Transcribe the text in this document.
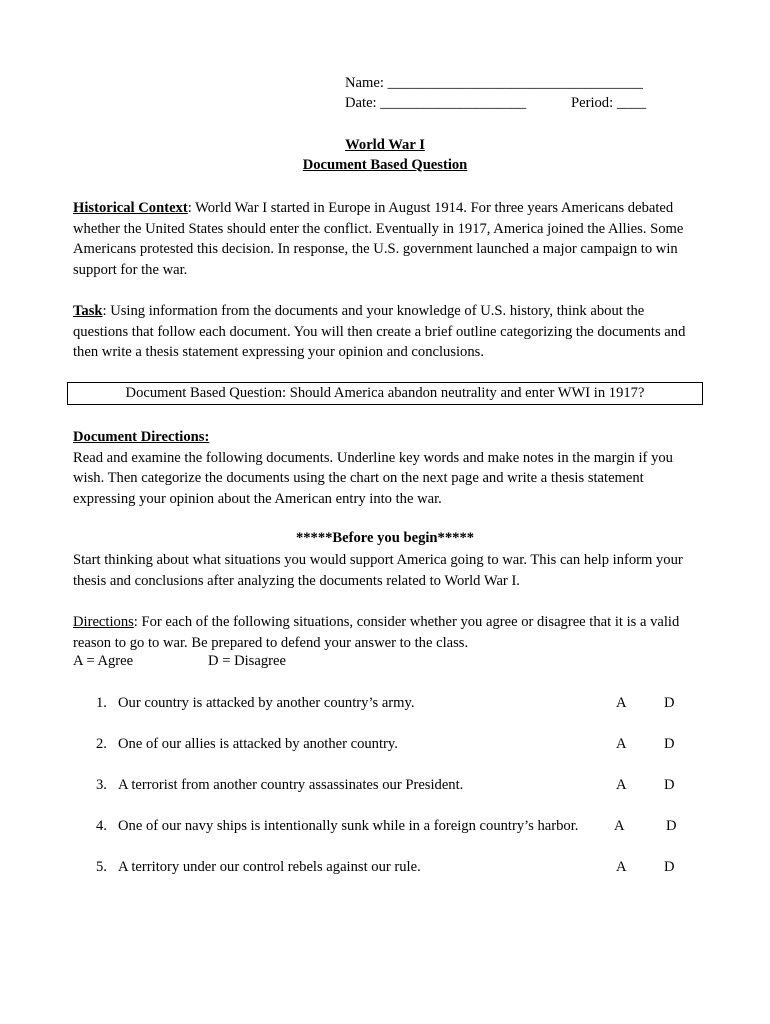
Name: ___________________________________
Date: ____________________	Period: ____
World War I
Document Based Question
Historical Context: World War I started in Europe in August 1914. For three years Americans debated whether the United States should enter the conflict. Eventually in 1917, America joined the Allies. Some Americans protested this decision. In response, the U.S. government launched a major campaign to win support for the war.
Task: Using information from the documents and your knowledge of U.S. history, think about the questions that follow each document. You will then create a brief outline categorizing the documents and then write a thesis statement expressing your opinion and conclusions.
Document Based Question: Should America abandon neutrality and enter WWI in 1917?
Document Directions:
Read and examine the following documents. Underline key words and make notes in the margin if you wish. Then categorize the documents using the chart on the next page and write a thesis statement expressing your opinion about the American entry into the war.
*****Before you begin*****
Start thinking about what situations you would support America going to war. This can help inform your thesis and conclusions after analyzing the documents related to World War I.
Directions: For each of the following situations, consider whether you agree or disagree that it is a valid reason to go to war. Be prepared to defend your answer to the class.
A = Agree	D = Disagree
1. Our country is attacked by another country’s army.	A	D
2. One of our allies is attacked by another country.	A	D
3. A terrorist from another country assassinates our President.	A	D
4. One of our navy ships is intentionally sunk while in a foreign country’s harbor. A	D
5. A territory under our control rebels against our rule.	A	D
